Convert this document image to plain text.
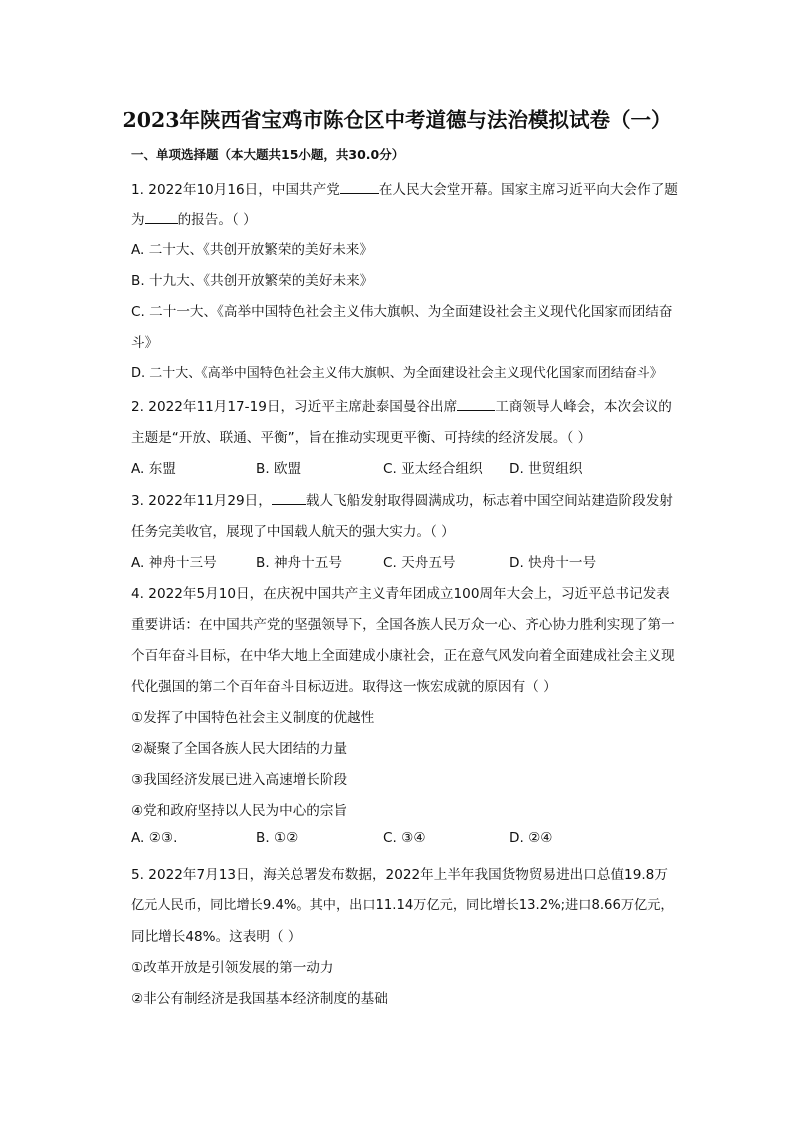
2023年陕西省宝鸡市陈仓区中考道德与法治模拟试卷（一）
一、单项选择题（本大题共15小题，共30.0分）
1. 2022年10月16日，中国共产党	在人民大会堂开幕。国家主席习近平向大会作了题
为 的报告。（ ）
A. 二十大、《共创开放繁荣的美好未来》
B. 十九大、《共创开放繁荣的美好未来》
C. 二十一大、《高举中国特色社会主义伟大旗帜、为全面建设社会主义现代化国家而团结奋
斗》
D. 二十大、《高举中国特色社会主义伟大旗帜、为全面建设社会主义现代化国家而团结奋斗》
2. 2022年11月17-19日，习近平主席赴泰国曼谷出席	工商领导人峰会，本次会议的
主题是“开放、联通、平衡”，旨在推动实现更平衡、可持续的经济发展。（ ）
A. 东盟	B. 欧盟	C. 亚太经合组织 D. 世贸组织
3. 2022年11月29日，	载人飞船发射取得圆满成功，标志着中国空间站建造阶段发射
任务完美收官，展现了中国载人航天的强大实力。（ ）
A. 神舟十三号	B. 神舟十五号	C. 天舟五号	D. 快舟十一号
4. 2022年5月10日，在庆祝中国共产主义青年团成立100周年大会上，习近平总书记发表
重要讲话：在中国共产党的坚强领导下，全国各族人民万众一心、齐心协力胜利实现了第一
个百年奋斗目标，在中华大地上全面建成小康社会，正在意气风发向着全面建成社会主义现
代化强国的第二个百年奋斗目标迈进。取得这一恢宏成就的原因有（ ）
①发挥了中国特色社会主义制度的优越性
②凝聚了全国各族人民大团结的力量
③我国经济发展已进入高速增长阶段
④党和政府坚持以人民为中心的宗旨
A. ②③.	B. ①②	C. ③④	D. ②④
5. 2022年7月13日，海关总署发布数据，2022年上半年我国货物贸易进出口总值19.8万
亿元人民币，同比增长9.4%。其中，出口11.14万亿元，同比增长13.2%;进口8.66万亿元，
同比增长48%。这表明（ ）
①改革开放是引领发展的第一动力
②非公有制经济是我国基本经济制度的基础
